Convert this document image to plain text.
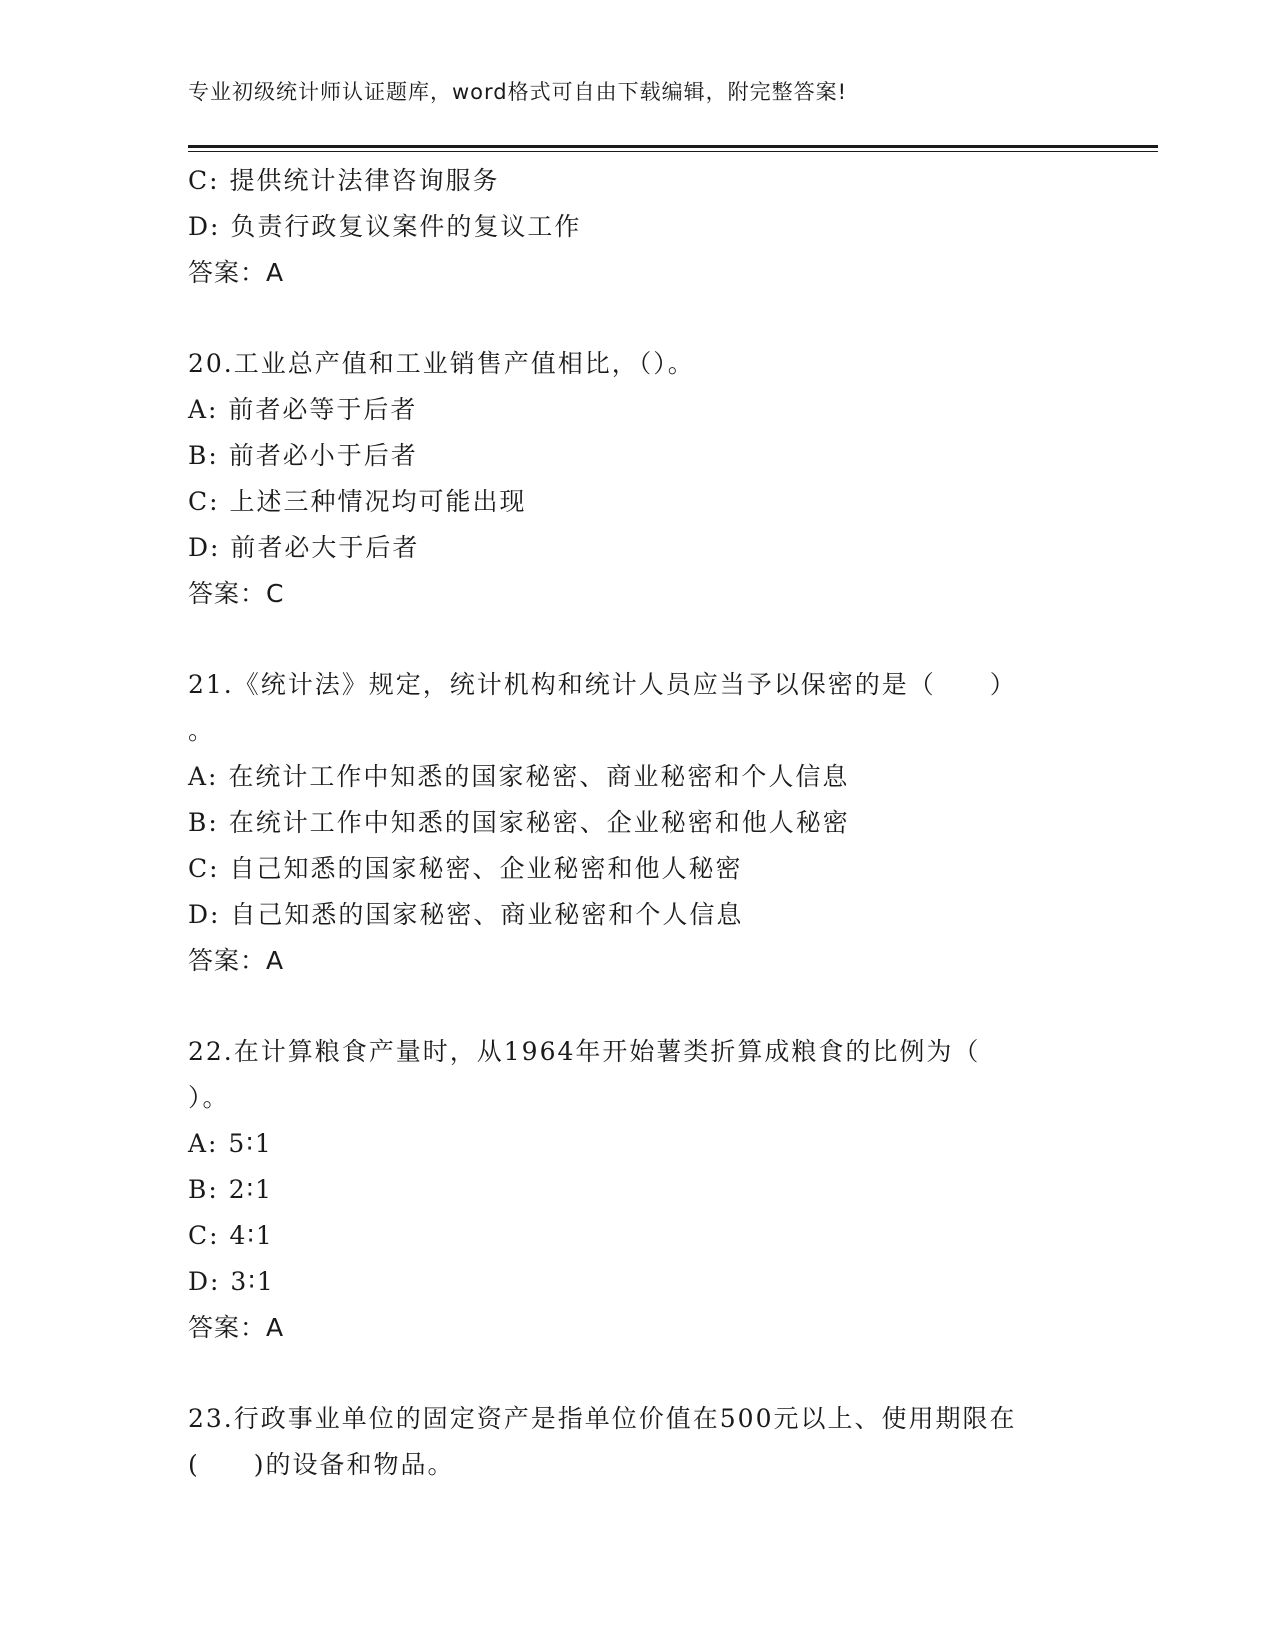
专业初级统计师认证题库，word格式可自由下载编辑，附完整答案!
C: 提供统计法律咨询服务
D: 负责行政复议案件的复议工作
答案：A
20.工业总产值和工业销售产值相比，（）。
A: 前者必等于后者
B: 前者必小于后者
C: 上述三种情况均可能出现
D: 前者必大于后者
答案：C
21.《统计法》规定，统计机构和统计人员应当予以保密的是（　　）
。
A: 在统计工作中知悉的国家秘密、商业秘密和个人信息
B: 在统计工作中知悉的国家秘密、企业秘密和他人秘密
C: 自己知悉的国家秘密、企业秘密和他人秘密
D: 自己知悉的国家秘密、商业秘密和个人信息
答案：A
22.在计算粮食产量时，从1964年开始薯类折算成粮食的比例为（
）。
A: 5∶1
B: 2∶1
C: 4∶1
D: 3∶1
答案：A
23.行政事业单位的固定资产是指单位价值在500元以上、使用期限在
(　　)的设备和物品。
